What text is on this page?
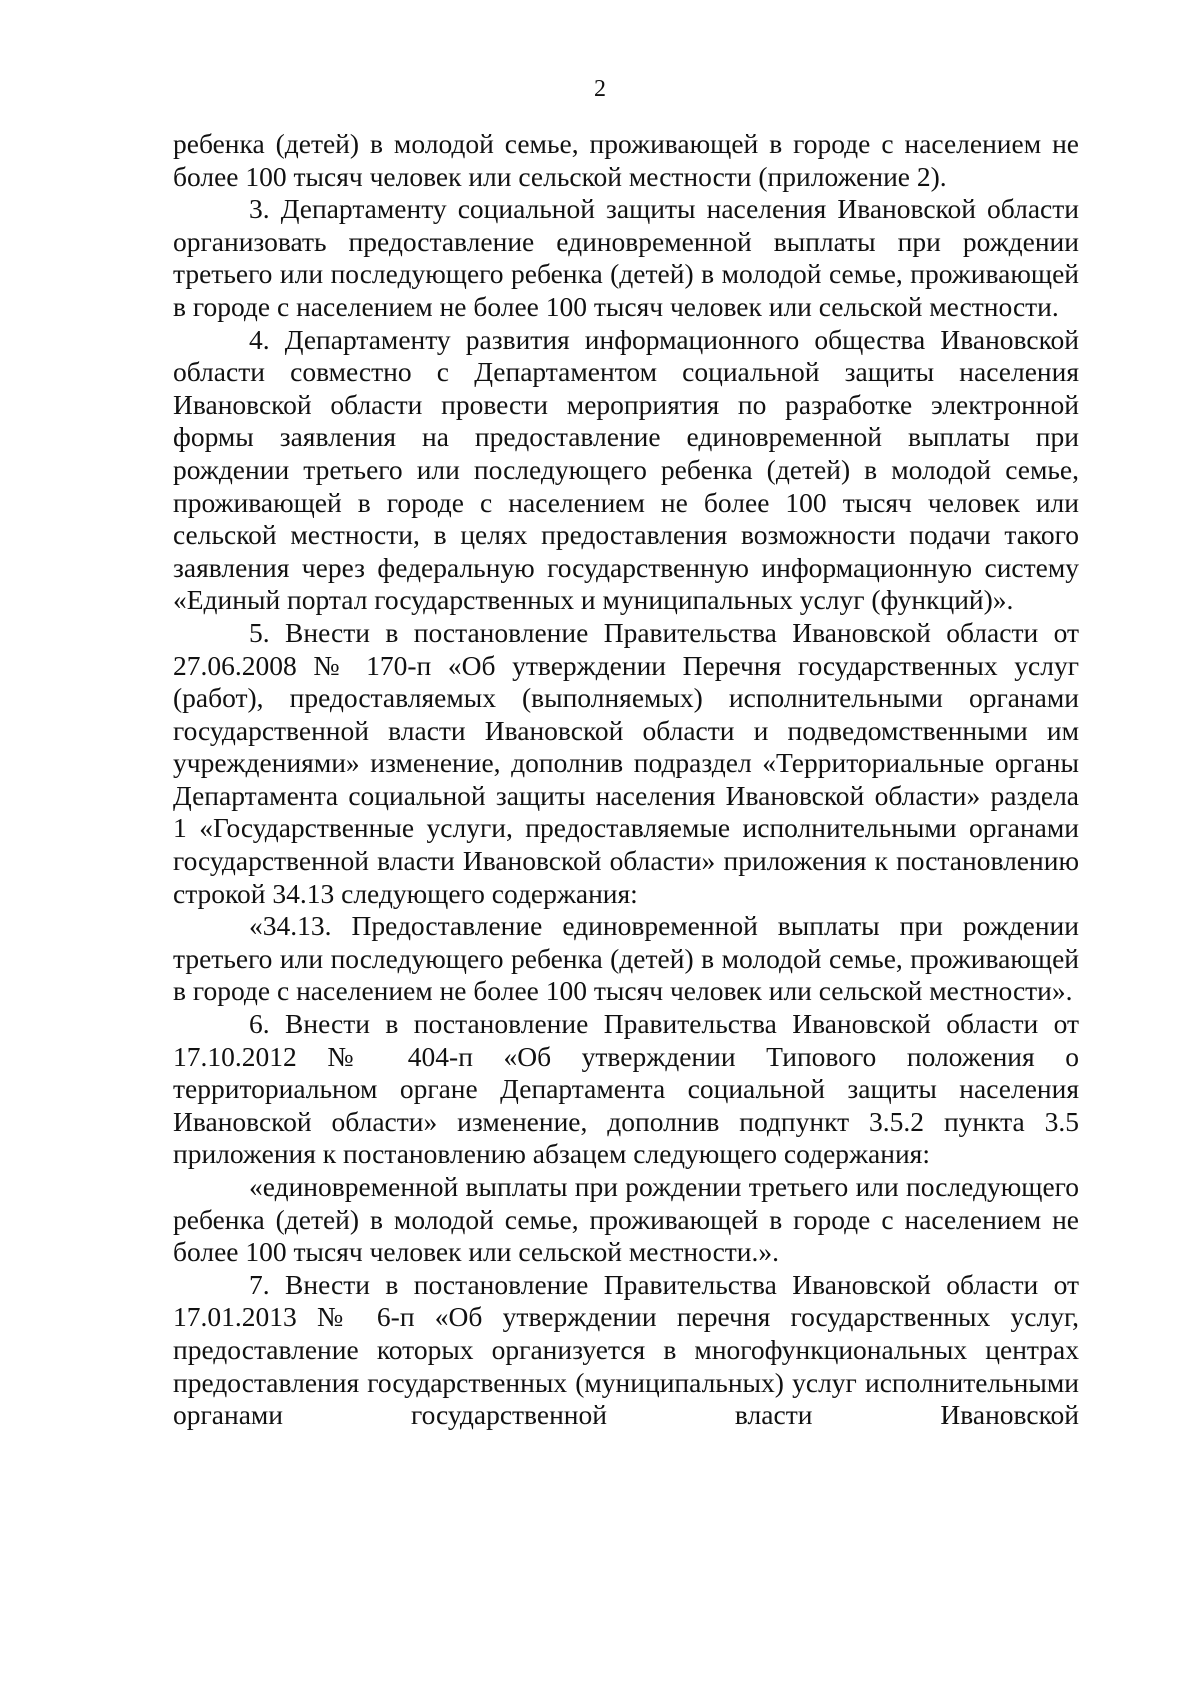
2

ребенка (детей) в молодой семье, проживающей в городе с населением не более 100 тысяч человек или сельской местности (приложение 2).

3. Департаменту социальной защиты населения Ивановской области организовать предоставление единовременной выплаты при рождении третьего или последующего ребенка (детей) в молодой семье, проживающей в городе с населением не более 100 тысяч человек или сельской местности.

4. Департаменту развития информационного общества Ивановской области совместно с Департаментом социальной защиты населения Ивановской области провести мероприятия по разработке электронной формы заявления на предоставление единовременной выплаты при рождении третьего или последующего ребенка (детей) в молодой семье, проживающей в городе с населением не более 100 тысяч человек или сельской местности, в целях предоставления возможности подачи такого заявления через федеральную государственную информационную систему «Единый портал государственных и муниципальных услуг (функций)».

5. Внести в постановление Правительства Ивановской области от 27.06.2008 № 170-п «Об утверждении Перечня государственных услуг (работ), предоставляемых (выполняемых) исполнительными органами государственной власти Ивановской области и подведомственными им учреждениями» изменение, дополнив подраздел «Территориальные органы Департамента социальной защиты населения Ивановской области» раздела 1 «Государственные услуги, предоставляемые исполнительными органами государственной власти Ивановской области» приложения к постановлению строкой 34.13 следующего содержания:

«34.13. Предоставление единовременной выплаты при рождении третьего или последующего ребенка (детей) в молодой семье, проживающей в городе с населением не более 100 тысяч человек или сельской местности».

6. Внести в постановление Правительства Ивановской области от 17.10.2012 № 404-п «Об утверждении Типового положения о территориальном органе Департамента социальной защиты населения Ивановской области» изменение, дополнив подпункт 3.5.2 пункта 3.5 приложения к постановлению абзацем следующего содержания:

«единовременной выплаты при рождении третьего или последующего ребенка (детей) в молодой семье, проживающей в городе с населением не более 100 тысяч человек или сельской местности.».

7. Внести в постановление Правительства Ивановской области от 17.01.2013 № 6-п «Об утверждении перечня государственных услуг, предоставление которых организуется в многофункциональных центрах предоставления государственных (муниципальных) услуг исполнительными органами государственной власти Ивановской
